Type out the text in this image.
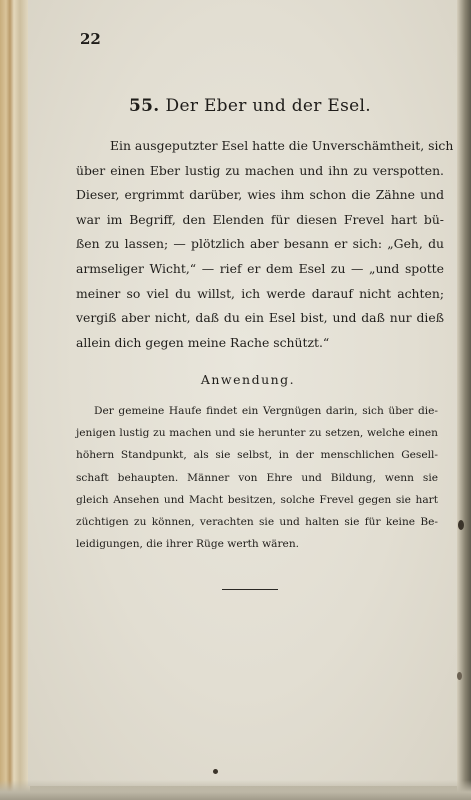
22
55. Der Eber und der Esel.
Ein ausgeputzter Esel hatte die Unverschämtheit, sich
über einen Eber lustig zu machen und ihn zu verspotten.
Dieser, ergrimmt darüber, wies ihm schon die Zähne und
war im Begriff, den Elenden für diesen Frevel hart bü-
ßen zu lassen; — plötzlich aber besann er sich: „Geh, du
armseliger Wicht,“ — rief er dem Esel zu — „und spotte
meiner so viel du willst, ich werde darauf nicht achten;
vergiß aber nicht, daß du ein Esel bist, und daß nur dieß
allein dich gegen meine Rache schützt.“
Anwendung.
Der gemeine Haufe findet ein Vergnügen darin, sich über die-
jenigen lustig zu machen und sie herunter zu setzen, welche einen
höhern Standpunkt, als sie selbst, in der menschlichen Gesell-
schaft behaupten. Männer von Ehre und Bildung, wenn sie
gleich Ansehen und Macht besitzen, solche Frevel gegen sie hart
züchtigen zu können, verachten sie und halten sie für keine Be-
leidigungen, die ihrer Rüge werth wären.
